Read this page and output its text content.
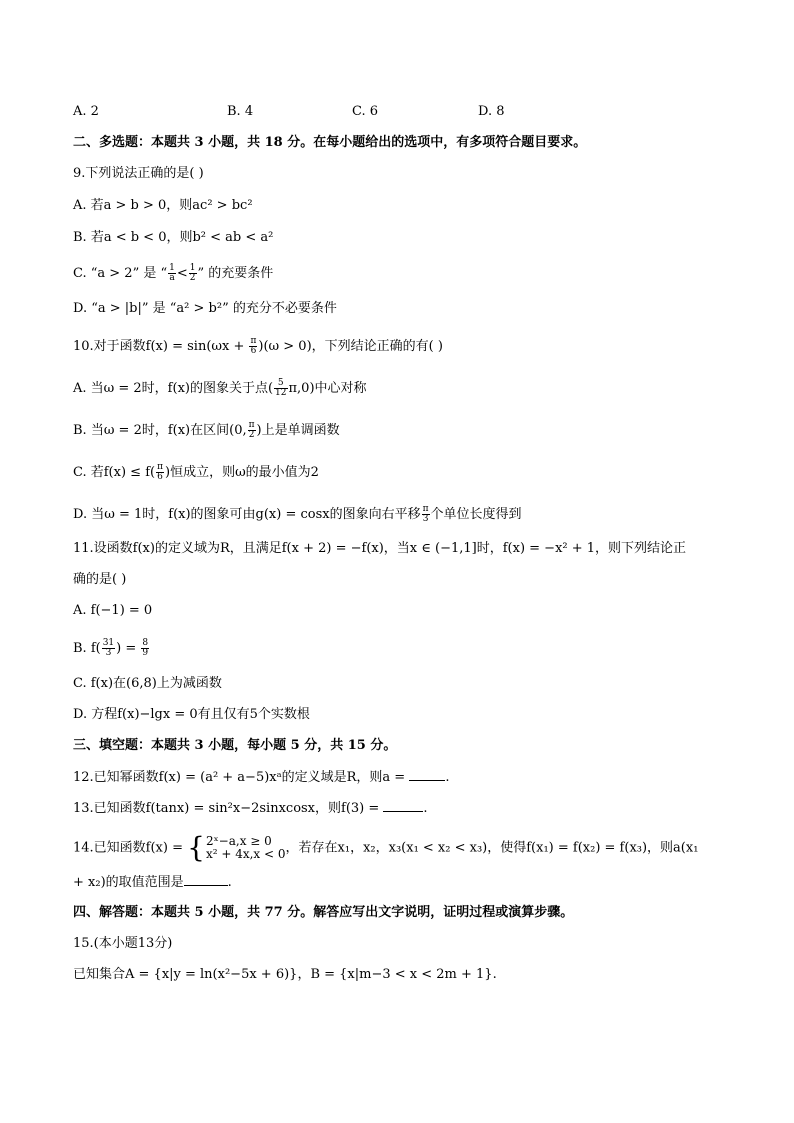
A. 2	B. 4	C. 6	D. 8
二、多选题：本题共 3 小题，共 18 分。在每小题给出的选项中，有多项符合题目要求。
9.下列说法正确的是( )
A. 若a > b > 0，则ac² > bc²
B. 若a < b < 0，则b² < ab < a²
C. “a > 2” 是 “ $\frac{1}{a} < \frac{1}{2}$ ” 的充要条件
D. “a > |b|” 是 “a² > b²” 的充分不必要条件
10.对于函数$f(x) = \sin(\omega x + \frac{\pi}{6} )(\omega > 0)$，下列结论正确的有( )
A. 当ω = 2时，f(x)的图象关于点( $\frac{5}{12} \pi,0$)中心对称
B. 当ω = 2时，f(x)在区间(0, $\frac{\pi}{2}$ )上是单调函数
C. 若$f(x) \le f( \frac{\pi}{6}$ )恒成立，则ω的最小值为2
D. 当ω = 1时，f(x)的图象可由g(x) = cosx的图象向右平移 $\frac{\pi}{3}$ 个单位长度得到
11.设函数f(x)的定义域为R，且满足f(x + 2) = −f(x)，当x ∈ (−1,1]时，f(x) = −x² + 1，则下列结论正
确的是( )
A. f(−1) = 0
B. $f( \frac{31}{3}$ ) = $\frac{8}{9}$
C. f(x)在(6,8)上为减函数
D. 方程f(x)−lgx = 0有且仅有5个实数根
三、填空题：本题共 3 小题，每小题 5 分，共 15 分。
12.已知幂函数f(x) = (a² + a−5)xᵃ的定义域是R，则a =	.
13.已知函数f(tanx) = sin²x−2sinxcosx，则f(3) =	.
14.已知函数f(x) = { 2ˣ−a,x ≥ 0
x² + 4x,x < 0 ，若存在x₁，x₂，x₃(x₁ < x₂ < x₃)，使得f(x₁) = f(x₂) = f(x₃)，则a(x₁
+ x₂)的取值范围是	.
四、解答题：本题共 5 小题，共 77 分。解答应写出文字说明，证明过程或演算步骤。
15.(本小题13分)
已知集合A = {x|y = ln(x²−5x + 6)}，B = {x|m−3 < x < 2m + 1}.
